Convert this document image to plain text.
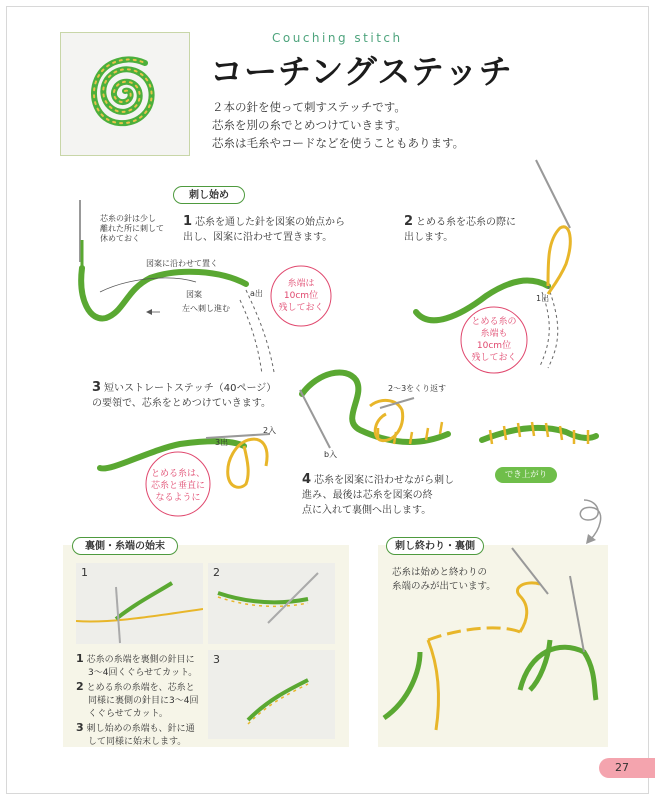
Couching stitch
コーチングステッチ
２本の針を使って刺すステッチです。
芯糸を別の糸でとめつけていきます。
芯糸は毛糸やコードなどを使うこともあります。
刺し始め
芯糸の針は少し
離れた所に刺して
休めておく
1 芯糸を通した針を図案の始点から
出し、図案に沿わせて置きます。
2 とめる糸を芯糸の際に
出します。
図案に沿わせて置く
図案
左へ刺し進む
a出
1出
糸端は
10cm位
残しておく
とめる糸の
糸端も
10cm位
残しておく
3 短いストレートステッチ（40ページ）
の要領で、芯糸をとめつけていきます。
2入
3出
2〜3をくり返す
b入
とめる糸は、
芯糸と垂直に
なるように
4 芯糸を図案に沿わせながら刺し
進み、最後は芯糸を図案の終
点に入れて裏側へ出します。
でき上がり
裏側・糸端の始末
1	2
3
1 芯糸の糸端を裏側の針目に
3〜4回くぐらせてカット。
2 とめる糸の糸端を、芯糸と
同様に裏側の針目に3〜4回
くぐらせてカット。
3 刺し始めの糸端も、針に通
して同様に始末します。
刺し終わり・裏側
芯糸は始めと終わりの
糸端のみが出ています。
27
